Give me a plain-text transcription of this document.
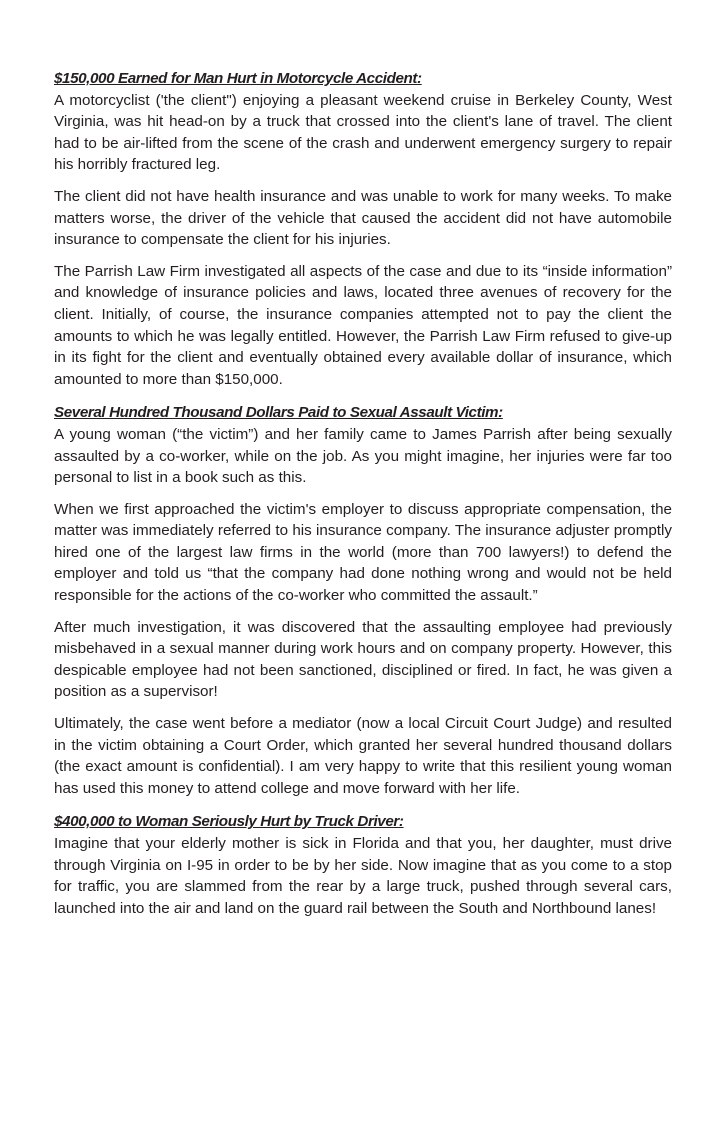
$150,000 Earned for Man Hurt in Motorcycle Accident:

A motorcyclist ('the client") enjoying a pleasant weekend cruise in Berkeley County, West Virginia, was hit head-on by a truck that crossed into the client's lane of travel. The client had to be air-lifted from the scene of the crash and underwent emergency surgery to repair his horribly fractured leg.

The client did not have health insurance and was unable to work for many weeks. To make matters worse, the driver of the vehicle that caused the accident did not have automobile insurance to compensate the client for his injuries.

The Parrish Law Firm investigated all aspects of the case and due to its “inside information” and knowledge of insurance policies and laws, located three avenues of recovery for the client. Initially, of course, the insurance companies attempted not to pay the client the amounts to which he was legally entitled. However, the Parrish Law Firm refused to give-up in its fight for the client and eventually obtained every available dollar of insurance, which amounted to more than $150,000.

Several Hundred Thousand Dollars Paid to Sexual Assault Victim:

A young woman (“the victim”) and her family came to James Parrish after being sexually assaulted by a co-worker, while on the job. As you might imagine, her injuries were far too personal to list in a book such as this.

When we first approached the victim's employer to discuss appropriate compensation, the matter was immediately referred to his insurance company. The insurance adjuster promptly hired one of the largest law firms in the world (more than 700 lawyers!) to defend the employer and told us “that the company had done nothing wrong and would not be held responsible for the actions of the co-worker who committed the assault.”

After much investigation, it was discovered that the assaulting employee had previously misbehaved in a sexual manner during work hours and on company property. However, this despicable employee had not been sanctioned, disciplined or fired. In fact, he was given a position as a supervisor!

Ultimately, the case went before a mediator (now a local Circuit Court Judge) and resulted in the victim obtaining a Court Order, which granted her several hundred thousand dollars (the exact amount is confidential). I am very happy to write that this resilient young woman has used this money to attend college and move forward with her life.

$400,000 to Woman Seriously Hurt by Truck Driver:

Imagine that your elderly mother is sick in Florida and that you, her daughter, must drive through Virginia on I-95 in order to be by her side. Now imagine that as you come to a stop for traffic, you are slammed from the rear by a large truck, pushed through several cars, launched into the air and land on the guard rail between the South and Northbound lanes!
